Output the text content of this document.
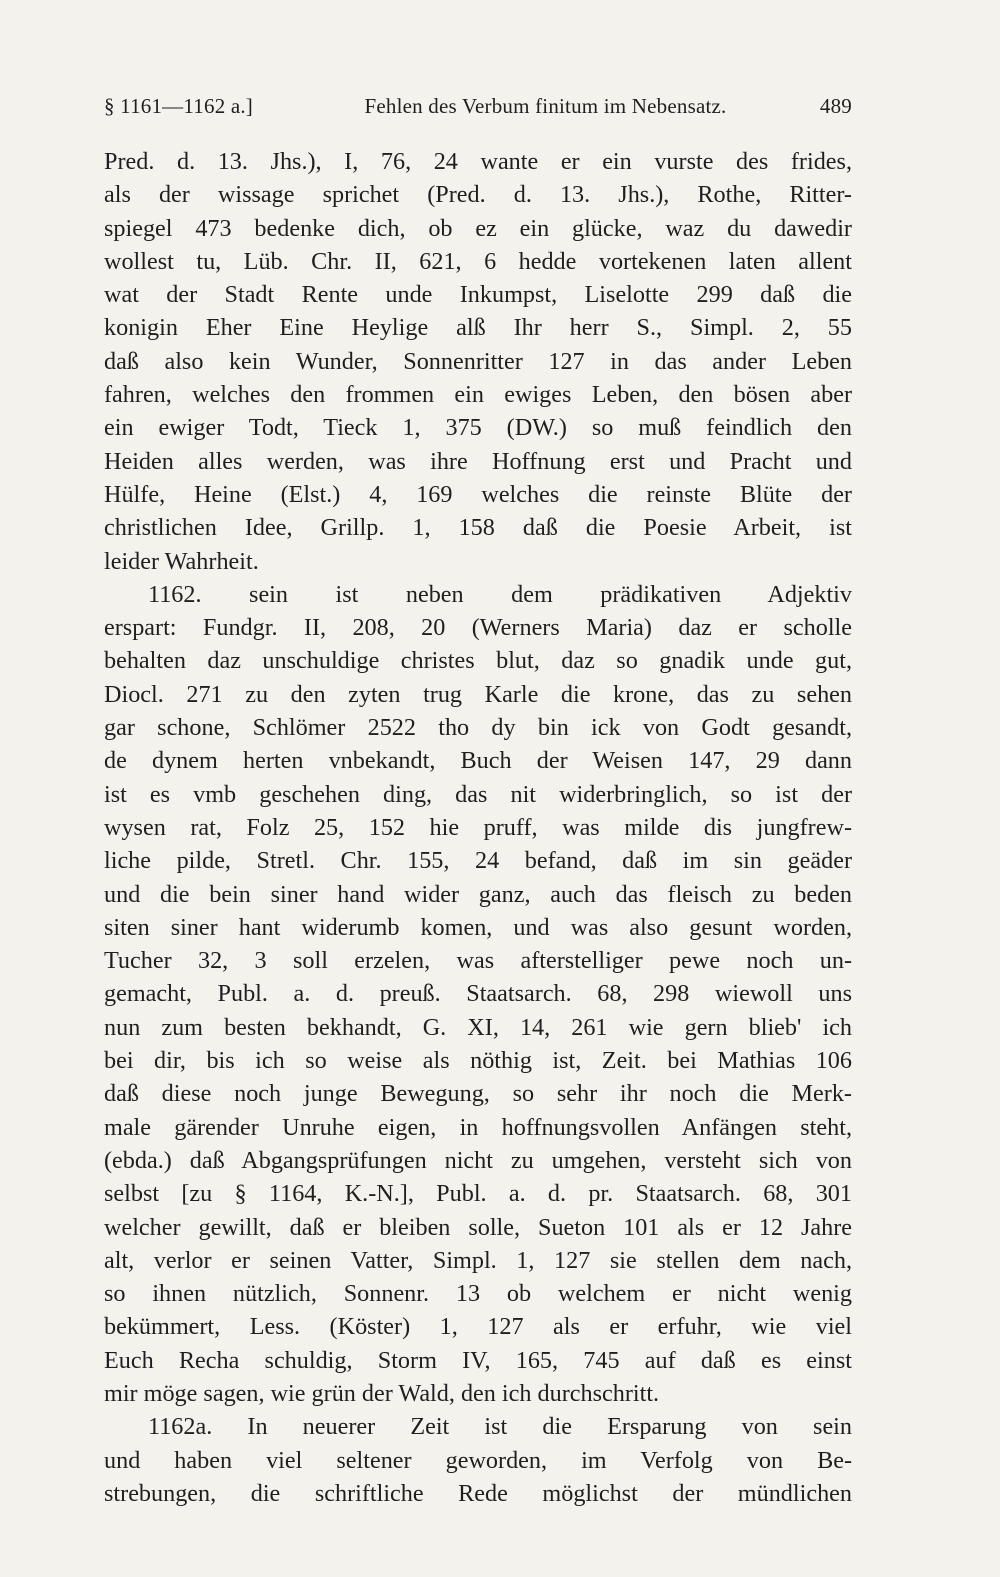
§ 1161—1162 a.]	Fehlen des Verbum finitum im Nebensatz.	489
Pred. d. 13. Jhs.), I, 76, 24 wante er ein vurste des frides,
als der wissage sprichet (Pred. d. 13. Jhs.), Rothe, Ritter-
spiegel 473 bedenke dich, ob ez ein glücke, waz du dawedir
wollest tu, Lüb. Chr. II, 621, 6 hedde vortekenen laten allent
wat der Stadt Rente unde Inkumpst, Liselotte 299 daß die
konigin Eher Eine Heylige alß Ihr herr S., Simpl. 2, 55
daß also kein Wunder, Sonnenritter 127 in das ander Leben
fahren, welches den frommen ein ewiges Leben, den bösen aber
ein ewiger Todt, Tieck 1, 375 (DW.) so muß feindlich den
Heiden alles werden, was ihre Hoffnung erst und Pracht und
Hülfe, Heine (Elst.) 4, 169 welches die reinste Blüte der
christlichen Idee, Grillp. 1, 158 daß die Poesie Arbeit, ist
leider Wahrheit.
1162. sein ist neben dem prädikativen Adjektiv
erspart: Fundgr. II, 208, 20 (Werners Maria) daz er scholle
behalten daz unschuldige christes blut, daz so gnadik unde gut,
Diocl. 271 zu den zyten trug Karle die krone, das zu sehen
gar schone, Schlömer 2522 tho dy bin ick von Godt gesandt,
de dynem herten vnbekandt, Buch der Weisen 147, 29 dann
ist es vmb geschehen ding, das nit widerbringlich, so ist der
wysen rat, Folz 25, 152 hie pruff, was milde dis jungfrew-
liche pilde, Stretl. Chr. 155, 24 befand, daß im sin geäder
und die bein siner hand wider ganz, auch das fleisch zu beden
siten siner hant widerumb komen, und was also gesunt worden,
Tucher 32, 3 soll erzelen, was afterstelliger pewe noch un-
gemacht, Publ. a. d. preuß. Staatsarch. 68, 298 wiewoll uns
nun zum besten bekhandt, G. XI, 14, 261 wie gern blieb' ich
bei dir, bis ich so weise als nöthig ist, Zeit. bei Mathias 106
daß diese noch junge Bewegung, so sehr ihr noch die Merk-
male gärender Unruhe eigen, in hoffnungsvollen Anfängen steht,
(ebda.) daß Abgangsprüfungen nicht zu umgehen, versteht sich von
selbst [zu § 1164, K.-N.], Publ. a. d. pr. Staatsarch. 68, 301
welcher gewillt, daß er bleiben solle, Sueton 101 als er 12 Jahre
alt, verlor er seinen Vatter, Simpl. 1, 127 sie stellen dem nach,
so ihnen nützlich, Sonnenr. 13 ob welchem er nicht wenig
bekümmert, Less. (Köster) 1, 127 als er erfuhr, wie viel
Euch Recha schuldig, Storm IV, 165, 745 auf daß es einst
mir möge sagen, wie grün der Wald, den ich durchschritt.
1162a. In neuerer Zeit ist die Ersparung von sein
und haben viel seltener geworden, im Verfolg von Be-
strebungen, die schriftliche Rede möglichst der mündlichen
